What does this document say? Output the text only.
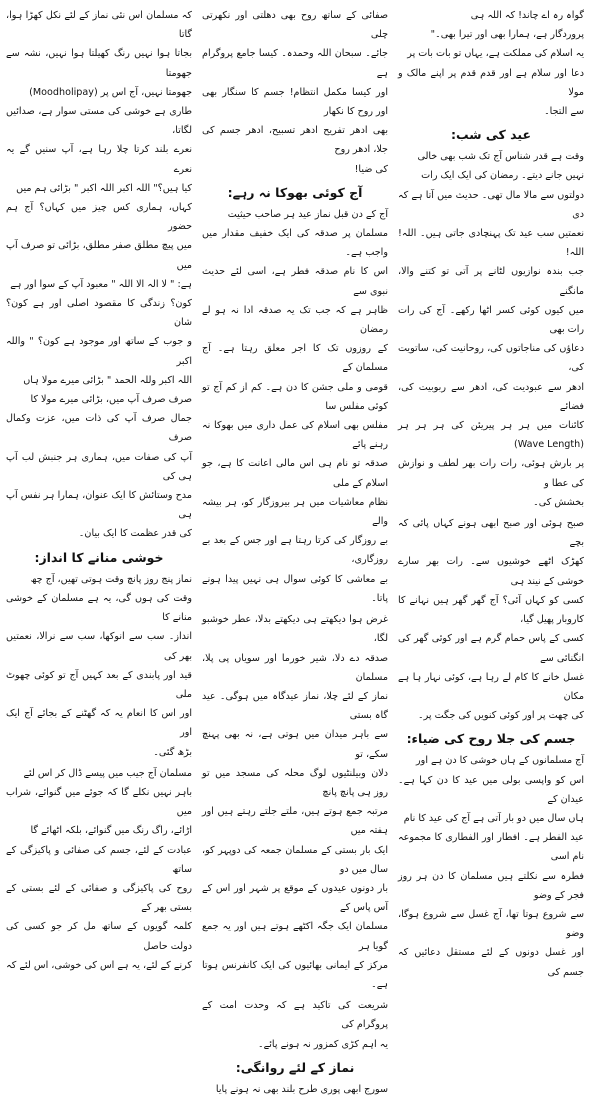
گواہ رہ اے چاند! کہ اللہ ہی
پروردگار ہے، ہمارا بھی اور تیرا بھی۔"
یہ اسلام کی مملکت ہے، یہاں تو بات بات پر
دعا اور سلام ہے اور قدم قدم پر اپنے مالک و مولا
سے التجا۔

عید کی شب:

وقت ہے قدر شناس آج تک شب بھی خالی
نہیں جانے دیتے۔ رمضان کی ایک ایک رات
دولتوں سے مالا مال تھی۔ حدیث میں آتا ہے کہ دی
نعمتیں سب عید تک پہنچادی جاتی ہیں۔ اللہ! اللہ!
جب بندہ نوازیوں لٹانے پر آتی تو کتنے والا، مانگنے
میں کیوں کوئی کسر اٹھا رکھے۔ آج کی رات رات بھی
دعاؤں کی مناجاتوں کی، روحانیت کی، ساتویت کی،
ادھر سے عبودیت کی، ادھر سے ربوبیت کی، فضائے
کائنات میں ہر ہر پیریئن کی ہر ہر ہر (Wave Length)
پر بارش ہوئی، رات رات بھر لطف و نوازش کی عطا و
بخشش کی۔

صبح ہوئی اور صبح ابھی ہونے کہاں پائی کہ بچے
کھڑک اٹھے خوشیوں سے۔ رات بھر سارے خوشی کے نیند ہی
کسی کو کہاں آئی؟ آج گھر گھر ہیں نہانے کا کاروبار پھیل گیا،
کسی کے پاس حمام گرم ہے اور کوئی گھر کی انگنائی سے
غسل خانے کا کام لے رہا ہے، کوئی نہار ہا ہے مکان
کی چھت پر اور کوئی کنویں کی جگت پر۔

جسم کی جلا روح کی ضیاء:

آج مسلمانوں کے ہاں خوشی کا دن ہے اور
اس کو واپسی بولی میں عید کا دن کہا ہے۔ عیدان کے
ہاں سال میں دو بار آتی ہے آج کی عید کا نام
عید الفطر ہے۔ افطار اور الفطاری کا مجموعہ نام اسی
فطرہ سے نکلتے ہیں مسلمان کا دن ہر روز فجر کے وضو
سے شروع ہوتا تھا، آج غسل سے شروع ہوگا، وضو
اور غسل دونوں کے لئے مستقل دعائیں کہ جسم کی

صفائی کے ساتھ روح بھی دھلتی اور نکھرتی چلی
جائے۔ سبحان اللہ وحمدہ۔ کیسا جامع پروگرام ہے
اور کیسا مکمل انتظام! جسم کا سنگار بھی اور روح کا نکھار
بھی ادھر تفریح ادھر تسبیح، ادھر جسم کی جلا، ادھر روح
کی ضیا!

آج کوئی بھوکا نہ رہے:

آج کے دن قبل نماز عید ہر صاحب حیثیت
مسلمان پر صدقہ کی ایک خفیف مقدار میں واجب ہے۔
اس کا نام صدقہ فطر ہے، اسی لئے حدیث نبوی سے
ظاہر ہے کہ جب تک یہ صدقہ ادا نہ ہو لے رمضان
کے روزوں تک کا اجر معلق رہتا ہے۔ آج مسلمان کے
قومی و ملی جشن کا دن ہے۔ کم از کم آج تو کوئی مفلس سا
مفلس بھی اسلام کی عمل داری میں بھوکا نہ رہنے پائے
صدقہ تو نام ہی اس مالی اعانت کا ہے، جو اسلام کے ملی
نظام معاشیات میں ہر بیروزگار کو، ہر بیشہ والے
بے روزگار کی کرتا رہتا ہے اور جس کے بعد بے روزگاری،
بے معاشی کا کوئی سوال ہی نہیں پیدا ہونے پاتا۔

غرض ہوا دیکھتے ہی دیکھتے بدلا، عطر خوشبو لگا،
صدقہ دے دلا، شیر خورما اور سویاں پی پلا، مسلمان
نماز کے لئے چلا، نماز عیدگاہ میں ہوگی۔ عید گاہ بستی
سے باہر میدان میں ہوتی ہے، نہ بھی پہنچ سکے، تو
دلان وبیلنٹیوں لوگ محلہ کی مسجد میں تو روز ہی پانچ پانچ
مرتبہ جمع ہوتے ہیں، ملتے جلتے رہتے ہیں اور ہفتہ میں
ایک بار بستی کے مسلمان جمعہ کی دوپہر کو، سال میں دو
بار دونوں عیدوں کے موقع پر شہر اور اس کے آس پاس کے
مسلمان ایک جگہ اکٹھے ہوتے ہیں اور یہ جمع گویا ہر
مرکز کے ایمانی بھائیوں کی ایک کانفرنس ہوتا ہے۔

شریعت کی تاکید ہے کہ وحدت امت کے پروگرام کی
یہ اہم کڑی کمزور نہ ہونے پائے۔

نماز کے لئے روانگی:

سورج ابھی پوری طرح بلند بھی نہ ہونے پایا

کہ مسلمان اس نئی نماز کے لئے نکل کھڑا ہوا، گاتا
بجاتا ہوا نہیں رنگ کھیلتا ہوا نہیں، نشہ سے جھومتا
جھومتا نہیں، آج اس پر (Moodholipay)
طاری ہے خوشی کی مستی سوار ہے، صدائیں لگاتا،
نعرے بلند کرتا چلا رہا ہے، آپ سنیں گے یہ نعرے
کیا ہیں؟" اللہ اکبر اللہ اکبر " بڑائی ہم میں
کہاں، ہماری کس چیز میں کہاں؟ آج ہم حضور
میں پیچ مطلق صفر مطلق، بڑائی تو صرف آپ میں
ہے: " لا الہ الا اللہ " معبود آپ کے سوا اور ہے
کون؟ زندگی کا مقصود اصلی اور ہے کون؟ شان
و جوب کے ساتھ اور موجود ہے کون؟ " واللہ اکبر
اللہ اکبر وللہ الحمد " بڑائی میرے مولا ہاں
صرف صرف آپ میں، بڑائی میرے مولا کا
جمال صرف آپ کی ذات میں، عزت وکمال صرف
آپ کی صفات میں، ہماری ہر جنبش لب آپ ہی کی
مدح وستائش کا ایک عنوان، ہمارا ہر نفس آپ ہی
کی قدر عظمت کا ایک بیان۔

خوشی منانے کا انداز:

نماز پنج روز پانچ وقت ہوتی تھیں، آج چھ
وقت کی ہوں گی، یہ ہے مسلمان کے خوشی منانے کا
انداز۔ سب سے انوکھا، سب سے نرالا، نعمتیں بھر کی
قید اور پابندی کے بعد کہیں آج تو کوئی چھوٹ ملی
اور اس کا انعام یہ کہ گھٹنے کے بجائے آج ایک اور
بڑھ گئی۔

مسلمان آج جیب میں پیسے ڈال کر اس لئے
باہر نہیں نکلے گا کہ جوئے میں گنوائے، شراب میں
اڑائے، راگ رنگ میں گنوائے، بلکہ اٹھائے گا
عبادت کے لئے، جسم کی صفائی و پاکیزگی کے ساتھ
روح کی پاکیزگی و صفائی کے لئے بستی کے بستی بھر کے
کلمہ گویوں کے ساتھ مل کر جو کسی کی دولت حاصل
کرنے کے لئے، یہ ہے اس کی خوشی، اس لئے کہ
